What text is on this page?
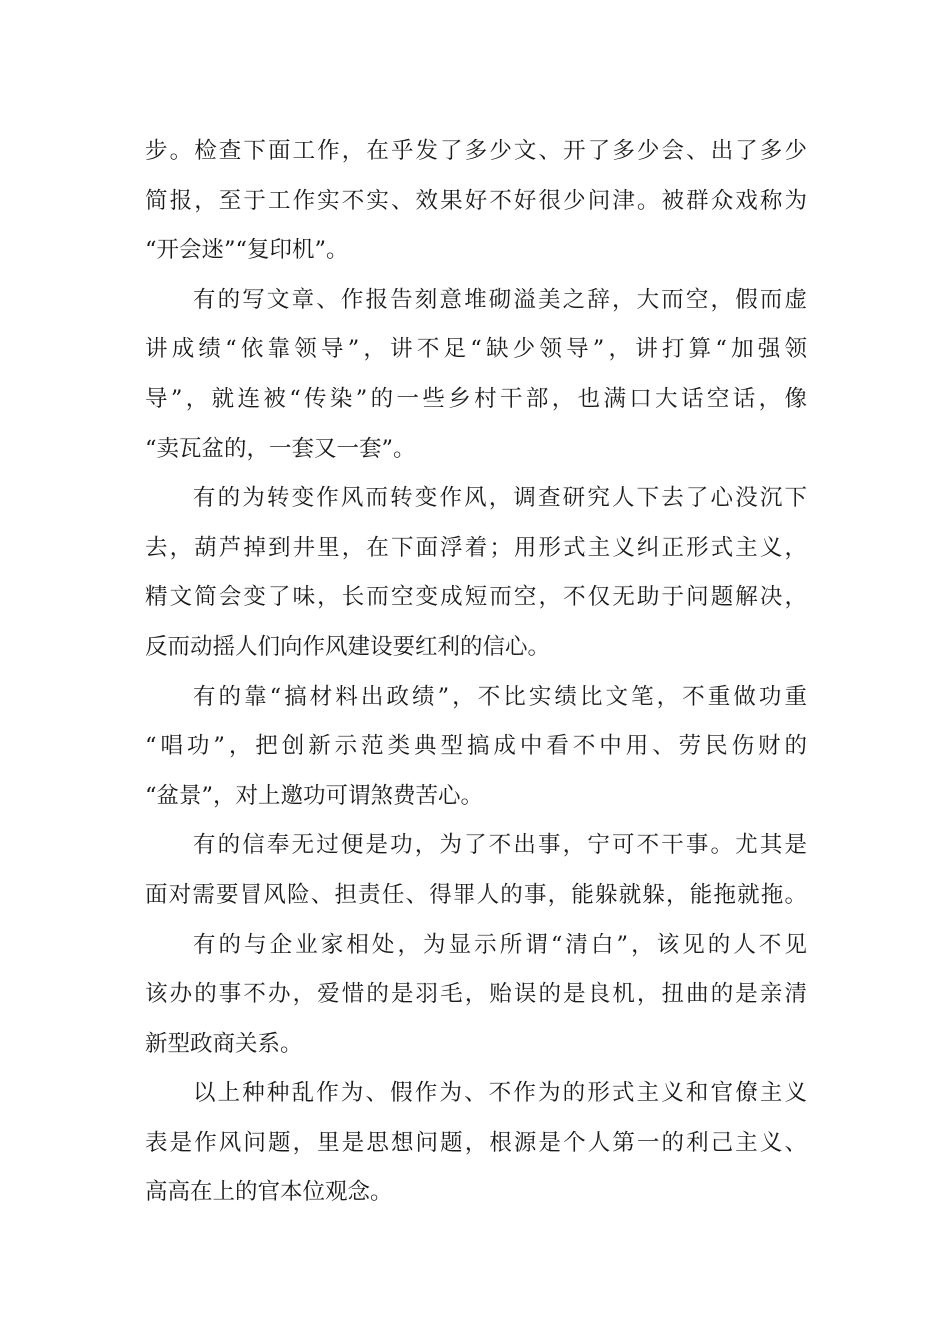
步。检查下面工作，在乎发了多少文、开了多少会、出了多少
简报，至于工作实不实、效果好不好很少问津。被群众戏称为
“开会迷”“复印机”。
有的写文章、作报告刻意堆砌溢美之辞，大而空，假而虚
讲成绩“依靠领导”，讲不足“缺少领导”，讲打算“加强领
导”，就连被“传染”的一些乡村干部，也满口大话空话，像
“卖瓦盆的，一套又一套”。
有的为转变作风而转变作风，调查研究人下去了心没沉下
去，葫芦掉到井里，在下面浮着；用形式主义纠正形式主义，
精文简会变了味，长而空变成短而空，不仅无助于问题解决，
反而动摇人们向作风建设要红利的信心。
有的靠“搞材料出政绩”，不比实绩比文笔，不重做功重
“唱功”，把创新示范类典型搞成中看不中用、劳民伤财的
“盆景”，对上邀功可谓煞费苦心。
有的信奉无过便是功，为了不出事，宁可不干事。尤其是
面对需要冒风险、担责任、得罪人的事，能躲就躲，能拖就拖。
有的与企业家相处，为显示所谓“清白”，该见的人不见
该办的事不办，爱惜的是羽毛，贻误的是良机，扭曲的是亲清
新型政商关系。
以上种种乱作为、假作为、不作为的形式主义和官僚主义
表是作风问题，里是思想问题，根源是个人第一的利己主义、
高高在上的官本位观念。
